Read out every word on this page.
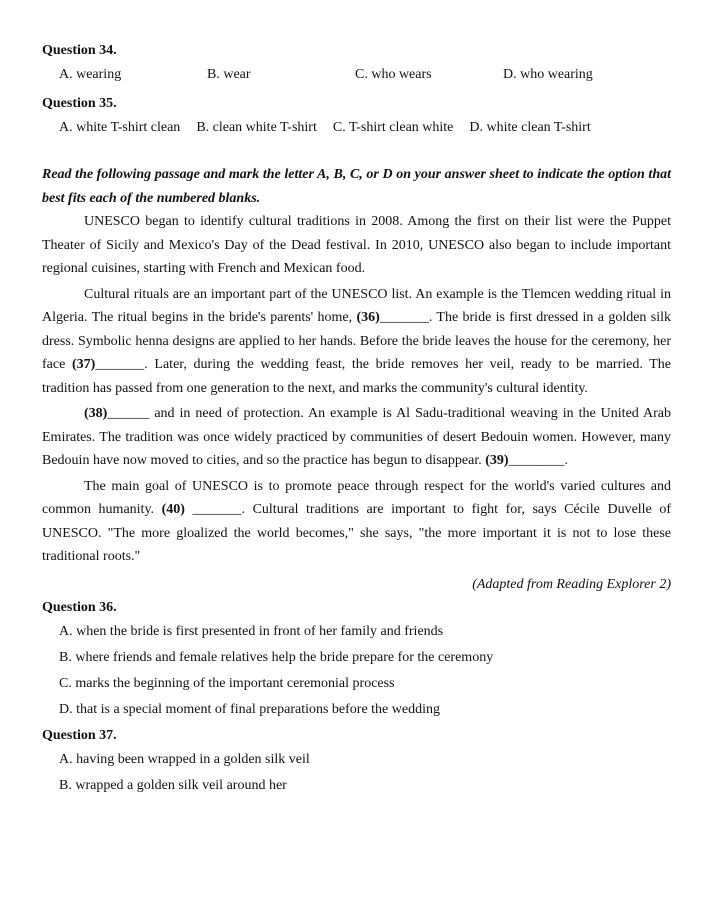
Question 34.
A. wearing	B. wear	C. who wears	D. who wearing
Question 35.
A. white T-shirt clean B. clean white T-shirt C. T-shirt clean white D. white clean T-shirt

Read the following passage and mark the letter A, B, C, or D on your answer sheet to indicate the option that best fits each of the numbered blanks.

UNESCO began to identify cultural traditions in 2008. Among the first on their list were the Puppet Theater of Sicily and Mexico's Day of the Dead festival. In 2010, UNESCO also began to include important regional cuisines, starting with French and Mexican food.

Cultural rituals are an important part of the UNESCO list. An example is the Tlemcen wedding ritual in Algeria. The ritual begins in the bride's parents' home, (36)_______. The bride is first dressed in a golden silk dress. Symbolic henna designs are applied to her hands. Before the bride leaves the house for the ceremony, her face (37)_______. Later, during the wedding feast, the bride removes her veil, ready to be married. The tradition has passed from one generation to the next, and marks the community's cultural identity.

(38)______ and in need of protection. An example is Al Sadu-traditional weaving in the United Arab Emirates. The tradition was once widely practiced by communities of desert Bedouin women. However, many Bedouin have now moved to cities, and so the practice has begun to disappear. (39)________.

The main goal of UNESCO is to promote peace through respect for the world's varied cultures and common humanity. (40) _______. Cultural traditions are important to fight for, says Cécile Duvelle of UNESCO. "The more gloalized the world becomes," she says, "the more important it is not to lose these traditional roots."

(Adapted from Reading Explorer 2)
Question 36.
A. when the bride is first presented in front of her family and friends
B. where friends and female relatives help the bride prepare for the ceremony
C. marks the beginning of the important ceremonial process
D. that is a special moment of final preparations before the wedding
Question 37.
A. having been wrapped in a golden silk veil
B. wrapped a golden silk veil around her
